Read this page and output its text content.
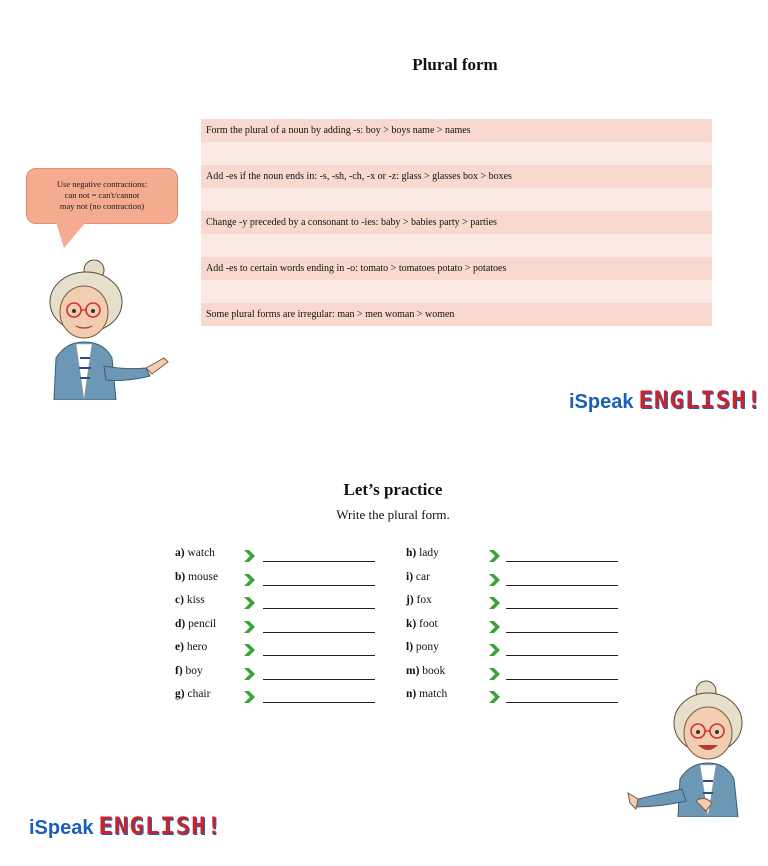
Plural form
Form the plural of a noun by adding -s: boy > boys name > names
Add -es if the noun ends in: -s, -sh, -ch, -x or -z: glass > glasses box > boxes
Change -y preceded by a consonant to -ies: baby > babies party > parties
Add -es to certain words ending in -o: tomato > tomatoes potato > potatoes
Some plural forms are irregular: man > men woman > women
Use negative contractions:
can not = can't/cannot
may not (no contraction)
iSpeak ENGLISH!
Let’s practice
Write the plural form.
a) watch
b) mouse
c) kiss
d) pencil
e) hero
f) boy
g) chair
h) lady
i) car
j) fox
k) foot
l) pony
m) book
n) match
iSpeak ENGLISH!
